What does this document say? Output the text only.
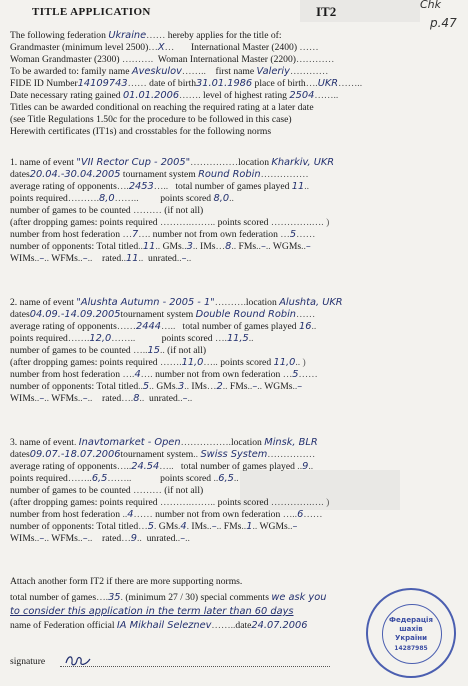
TITLE APPLICATION	IT2	Chk
p.47
The following federation Ukraine…… hereby applies for the title of:
Grandmaster (minimum level 2500)…X… International Master (2400) ……
Woman Grandmaster (2300) ………. Woman International Master (2200)…………
To be awarded to: family name Aveskulov…….. first name Valeriy…………
FIDE ID Number14109743…… date of birth31.01.1986 place of birth….UKR……..
Date necessary rating gained 01.01.2006……. level of highest rating 2504……..
Titles can be awarded conditional on reaching the required rating at a later date
(see Title Regulations 1.50c for the procedure to be followed in this case)
Herewith certificates (IT1s) and crosstables for the following norms
1. name of event "VII Rector Cup - 2005"……………location Kharkiv, UKR
dates20.04.-30.04.2005 tournament system Round Robin……………
average rating of opponents….2453….. total number of games played 11..
points required……….8,0…….. points scored 8,0..
number of games to be counted ……… (if not all)
(after dropping games: points required ……….…….. points scored ………….…. )
number from host federation …7…. number not from own federation …5……
number of opponents: Total titled..11.. GMs..3.. IMs…8.. FMs..–.. WGMs..–
WIMs..–.. WFMs..–.. rated..11.. unrated..–..
2. name of event "Alushta Autumn - 2005 - 1"……….location Alushta, UKR
dates04.09.-14.09.2005tournament system Double Round Robin……
average rating of opponents……2444….. total number of games played 16..
points required…….12,0……..	points scored ….11,5..
number of games to be counted …..15.. (if not all)
(after dropping games: points required …….11,0….. points scored 11,0.. )
number from host federation ….4…. number not from own federation …5……
number of opponents: Total titled..5.. GMs.3.. IMs…2.. FMs..–.. WGMs..–
WIMs..–.. WFMs..–.. rated….8.. unrated..–..
3. name of event. Inavtomarket - Open…………….location Minsk, BLR
dates09.07.-18.07.2006tournament system.. Swiss System……………
average rating of opponents…..24.54….. total number of games played ..9..
points required……..6,5……..	points scored ..6,5..
number of games to be counted ……… (if not all)
(after dropping games: points required ……….…….. points scored ………….…. )
number from host federation ..4…… number not from own federation …..6……
number of opponents: Total titled…5. GMs.4. IMs..–.. FMs..1.. WGMs..–
WIMs..–.. WFMs..–.. rated…9.. unrated..–..
Attach another form IT2 if there are more supporting norms.
total number of games….35. (minimum 27 / 30) special comments we ask you
to consider this application in the term later than 60 days
name of Federation official IA Mikhail Seleznev……..date24.07.2006
signature
Федерація
шахів
України
14287985
